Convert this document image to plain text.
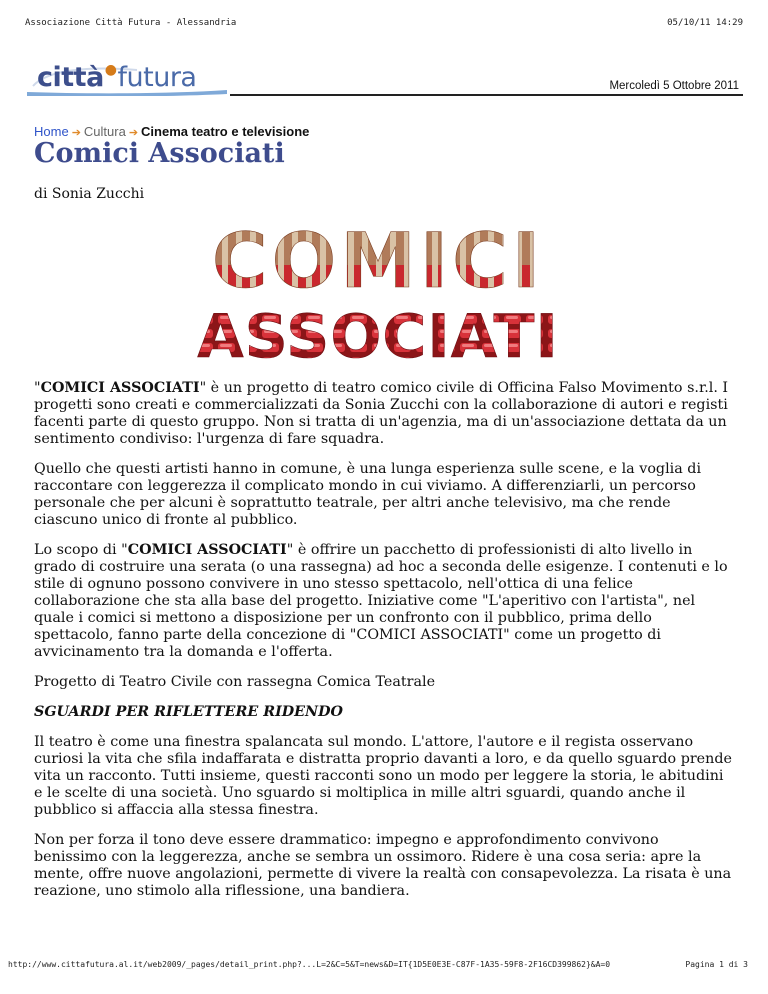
Associazione Città Futura - Alessandria	05/10/11 14:29
città●futura	Mercoledì 5 Ottobre 2011
Home ➔ Cultura ➔ Cinema teatro e televisione
Comici Associati
di Sonia Zucchi
COMICI
ASSOCIATI

"COMICI ASSOCIATI" è un progetto di teatro comico civile di Officina Falso Movimento s.r.l. I progetti sono creati e commercializzati da Sonia Zucchi con la collaborazione di autori e registi facenti parte di questo gruppo. Non si tratta di un'agenzia, ma di un'associazione dettata da un sentimento condiviso: l'urgenza di fare squadra.

Quello che questi artisti hanno in comune, è una lunga esperienza sulle scene, e la voglia di raccontare con leggerezza il complicato mondo in cui viviamo. A differenziarli, un percorso personale che per alcuni è soprattutto teatrale, per altri anche televisivo, ma che rende ciascuno unico di fronte al pubblico.

Lo scopo di "COMICI ASSOCIATI" è offrire un pacchetto di professionisti di alto livello in grado di costruire una serata (o una rassegna) ad hoc a seconda delle esigenze. I contenuti e lo stile di ognuno possono convivere in uno stesso spettacolo, nell'ottica di una felice collaborazione che sta alla base del progetto. Iniziative come "L'aperitivo con l'artista", nel quale i comici si mettono a disposizione per un confronto con il pubblico, prima dello spettacolo, fanno parte della concezione di "COMICI ASSOCIATI" come un progetto di avvicinamento tra la domanda e l'offerta.

Progetto di Teatro Civile con rassegna Comica Teatrale

SGUARDI PER RIFLETTERE RIDENDO

Il teatro è come una finestra spalancata sul mondo. L'attore, l'autore e il regista osservano curiosi la vita che sfila indaffarata e distratta proprio davanti a loro, e da quello sguardo prende vita un racconto. Tutti insieme, questi racconti sono un modo per leggere la storia, le abitudini e le scelte di una società. Uno sguardo si moltiplica in mille altri sguardi, quando anche il pubblico si affaccia alla stessa finestra.

Non per forza il tono deve essere drammatico: impegno e approfondimento convivono benissimo con la leggerezza, anche se sembra un ossimoro. Ridere è una cosa seria: apre la mente, offre nuove angolazioni, permette di vivere la realtà con consapevolezza. La risata è una reazione, uno stimolo alla riflessione, una bandiera.

http://www.cittafutura.al.it/web2009/_pages/detail_print.php?...L=2&C=5&T=news&D=IT{1D5E0E3E-C87F-1A35-59F8-2F16CD399862}&A=0	Pagina 1 di 3
